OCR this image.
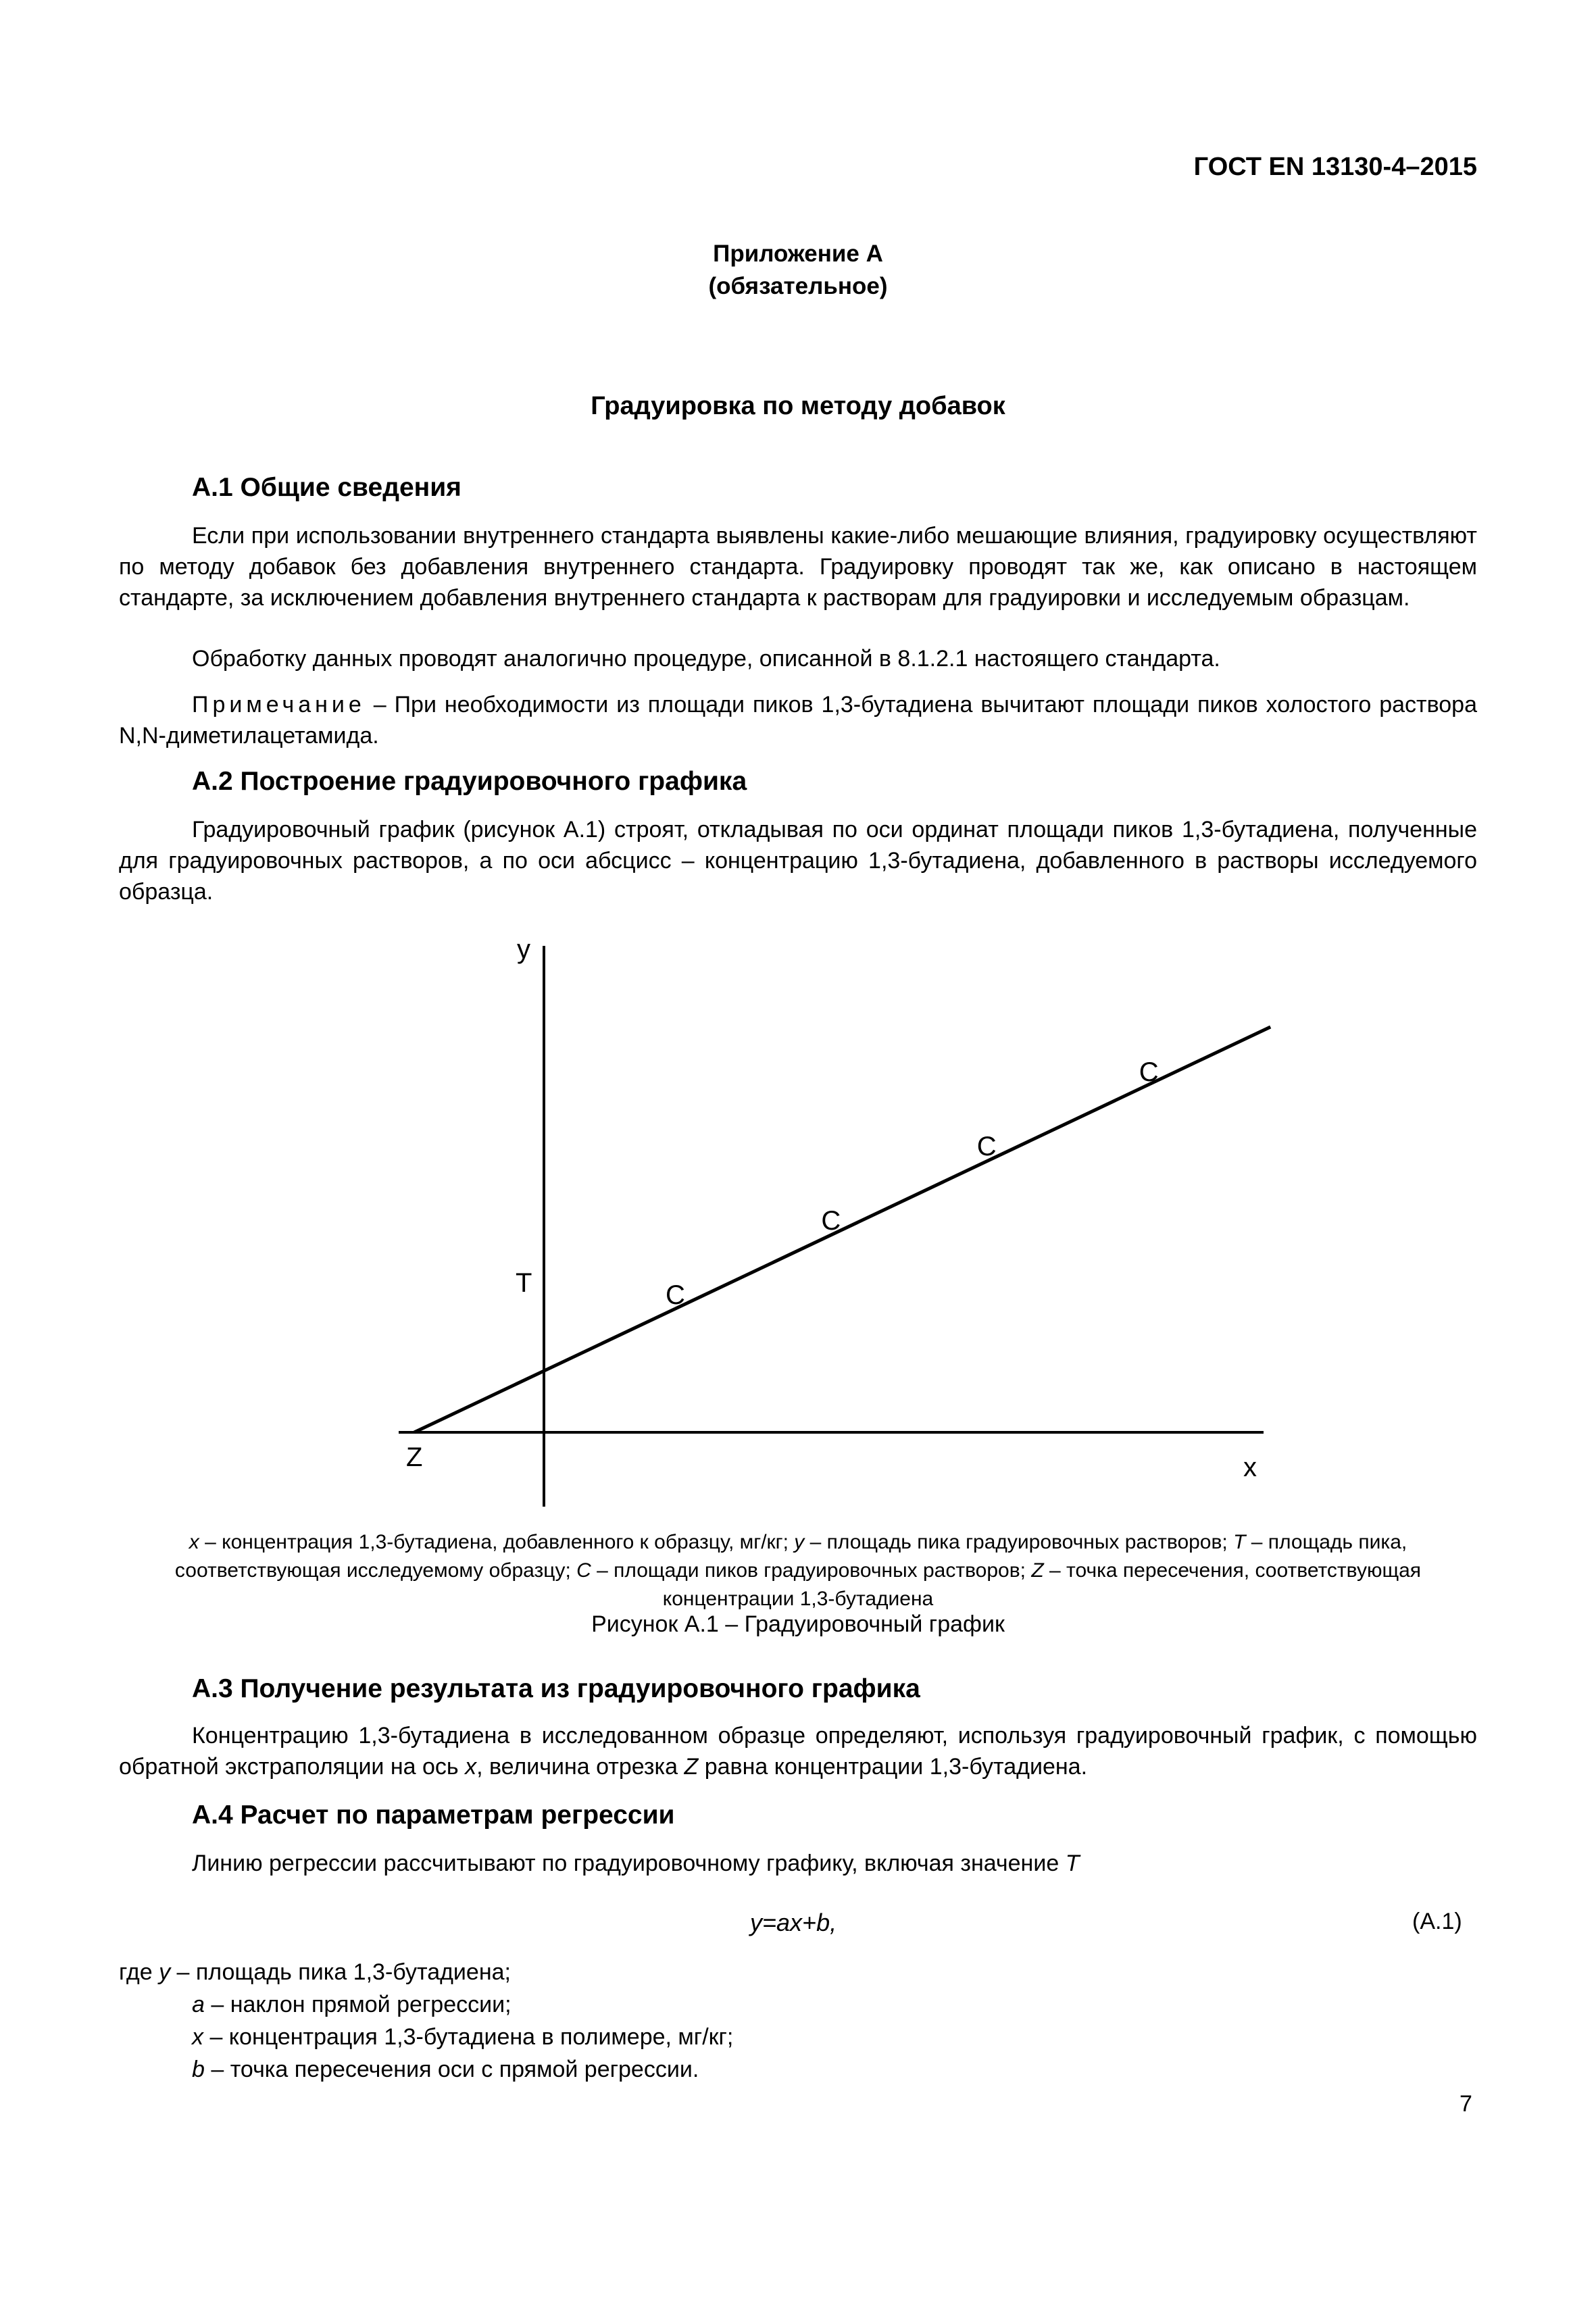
ГОСТ EN 13130-4–2015
Приложение А
(обязательное)
Градуировка по методу добавок
А.1 Общие сведения
Если при использовании внутреннего стандарта выявлены какие-либо мешающие влияния, градуировку осуществляют по методу добавок без добавления внутреннего стандарта. Градуировку проводят так же, как описано в настоящем стандарте, за исключением добавления внутреннего стандарта к растворам для градуировки и исследуемым образцам.
Обработку данных проводят аналогично процедуре, описанной в 8.1.2.1 настоящего стандарта.
Примечание – При необходимости из площади пиков 1,3-бутадиена вычитают площади пиков холостого раствора N,N-диметилацетамида.
А.2 Построение градуировочного графика
Градуировочный график (рисунок А.1) строят, откладывая по оси ординат площади пиков 1,3-бутадиена, полученные для градуировочных растворов, а по оси абсцисс – концентрацию 1,3-бутадиена, добавленного в растворы исследуемого образца.
C
C
C
C
y
x
T
Z
x – концентрация 1,3-бутадиена, добавленного к образцу, мг/кг; y – площадь пика градуировочных растворов; T – площадь пика, соответствующая исследуемому образцу; C – площади пиков градуировочных растворов; Z – точка пересечения, соответствующая концентрации 1,3-бутадиена
Рисунок А.1 – Градуировочный график
А.3 Получение результата из градуировочного графика
Концентрацию 1,3-бутадиена в исследованном образце определяют, используя градуировочный график, с помощью обратной экстраполяции на ось x, величина отрезка Z равна концентрации 1,3-бутадиена.
А.4 Расчет по параметрам регрессии
Линию регрессии рассчитывают по градуировочному графику, включая значение T
y=ax+b,	(А.1)
где y – площадь пика 1,3-бутадиена;
a – наклон прямой регрессии;
x – концентрация 1,3-бутадиена в полимере, мг/кг;
b – точка пересечения оси с прямой регрессии.
7
